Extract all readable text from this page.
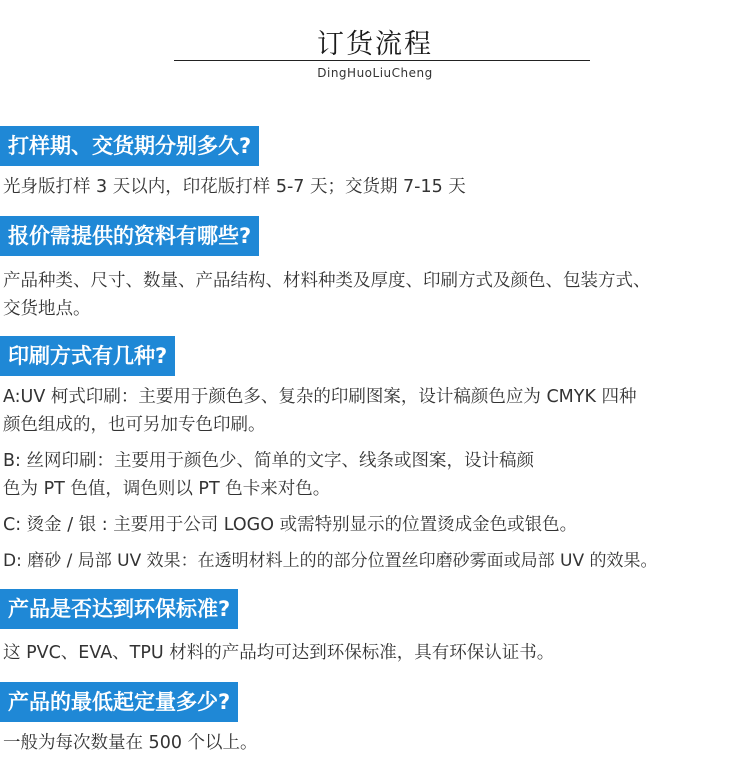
订货流程
DingHuoLiuCheng
打样期、交货期分别多久?
光身版打样 3 天以内，印花版打样 5-7 天；交货期 7-15 天
报价需提供的资料有哪些?
产品种类、尺寸、数量、产品结构、材料种类及厚度、印刷方式及颜色、包装方式、
交货地点。
印刷方式有几种?
A:UV 柯式印刷：主要用于颜色多、复杂的印刷图案，设计稿颜色应为 CMYK 四种
颜色组成的，也可另加专色印刷。
B: 丝网印刷：主要用于颜色少、简单的文字、线条或图案，设计稿颜
色为 PT 色值，调色则以 PT 色卡来对色。
C: 烫金 / 银 : 主要用于公司 LOGO 或需特别显示的位置烫成金色或银色。
D: 磨砂 / 局部 UV 效果：在透明材料上的的部分位置丝印磨砂雾面或局部 UV 的效果。
产品是否达到环保标准?
这 PVC、EVA、TPU 材料的产品均可达到环保标准，具有环保认证书。
产品的最低起定量多少?
一般为每次数量在 500 个以上。
